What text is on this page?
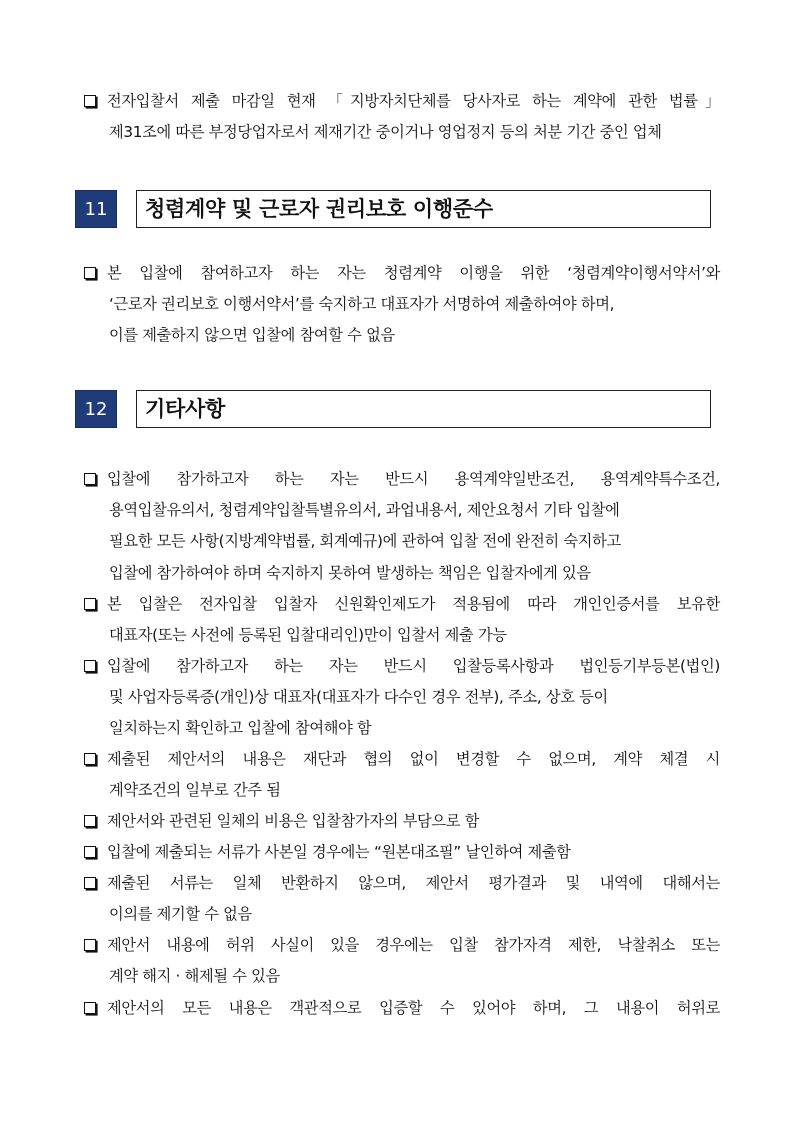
전자입찰서 제출 마감일 현재 「지방자치단체를 당사자로 하는 계약에 관한 법률」
제31조에 따른 부정당업자로서 제재기간 중이거나 영업정지 등의 처분 기간 중인 업체
11	청렴계약 및 근로자 권리보호 이행준수
본 입찰에 참여하고자 하는 자는 청렴계약 이행을 위한 ‘청렴계약이행서약서’와
‘근로자 권리보호 이행서약서’를 숙지하고 대표자가 서명하여 제출하여야 하며,
이를 제출하지 않으면 입찰에 참여할 수 없음
12	기타사항
입찰에 참가하고자 하는 자는 반드시 용역계약일반조건, 용역계약특수조건,
용역입찰유의서, 청렴계약입찰특별유의서, 과업내용서, 제안요청서 기타 입찰에
필요한 모든 사항(지방계약법률, 회계예규)에 관하여 입찰 전에 완전히 숙지하고
입찰에 참가하여야 하며 숙지하지 못하여 발생하는 책임은 입찰자에게 있음
본 입찰은 전자입찰 입찰자 신원확인제도가 적용됨에 따라 개인인증서를 보유한
대표자(또는 사전에 등록된 입찰대리인)만이 입찰서 제출 가능
입찰에 참가하고자 하는 자는 반드시 입찰등록사항과 법인등기부등본(법인)
및 사업자등록증(개인)상 대표자(대표자가 다수인 경우 전부), 주소, 상호 등이
일치하는지 확인하고 입찰에 참여해야 함
제출된 제안서의 내용은 재단과 협의 없이 변경할 수 없으며, 계약 체결 시
계약조건의 일부로 간주 됨
제안서와 관련된 일체의 비용은 입찰참가자의 부담으로 함
입찰에 제출되는 서류가 사본일 경우에는 “원본대조필” 날인하여 제출함
제출된 서류는 일체 반환하지 않으며, 제안서 평가결과 및 내역에 대해서는
이의를 제기할 수 없음
제안서 내용에 허위 사실이 있을 경우에는 입찰 참가자격 제한, 낙찰취소 또는
계약 해지 · 해제될 수 있음
제안서의 모든 내용은 객관적으로 입증할 수 있어야 하며, 그 내용이 허위로
